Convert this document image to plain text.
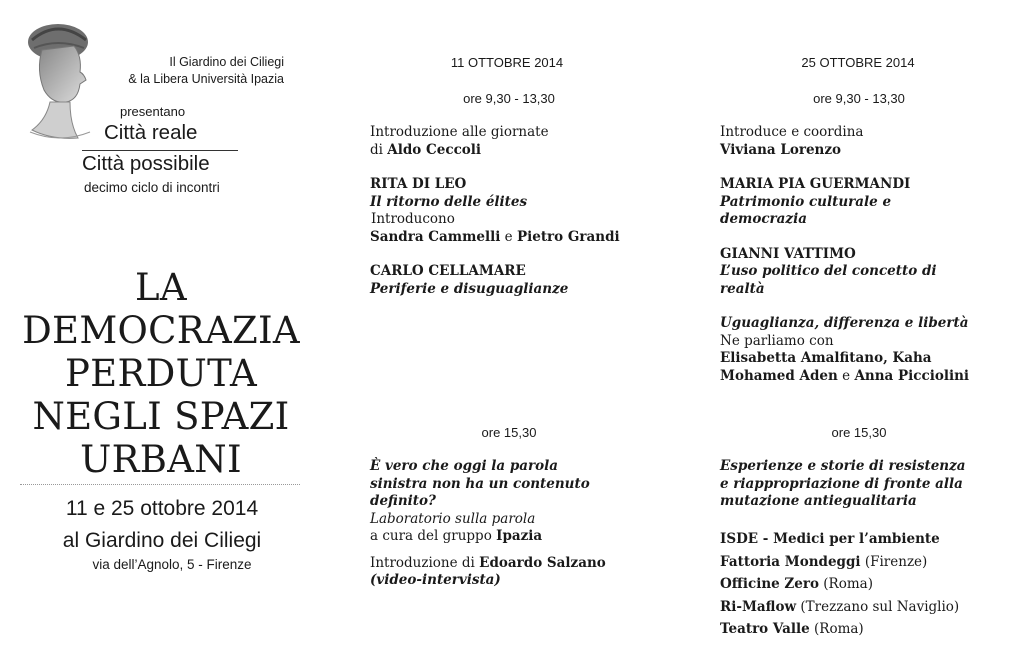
Il Giardino dei Ciliegi
& la Libera Università Ipazia
presentano
Città reale
Città possibile
decimo ciclo di incontri
LA
DEMOCRAZIA
PERDUTA
NEGLI SPAZI
URBANI
11 e 25 ottobre 2014
al Giardino dei Ciliegi
via dell’Agnolo, 5 - Firenze
11 OTTOBRE 2014
ore 9,30 - 13,30
Introduzione alle giornate
di Aldo Ceccoli
RITA DI LEO
Il ritorno delle élites
Introducono
Sandra Cammelli e Pietro Grandi
CARLO CELLAMARE
Periferie e disuguaglianze
ore 15,30
È vero che oggi la parola
sinistra non ha un contenuto
definito?
Laboratorio sulla parola
a cura del gruppo Ipazia
Introduzione di Edoardo Salzano
(video-intervista)
25 OTTOBRE 2014
ore 9,30 - 13,30
Introduce e coordina
Viviana Lorenzo
MARIA PIA GUERMANDI
Patrimonio culturale e
democrazia
GIANNI VATTIMO
L’uso politico del concetto di
realtà
Uguaglianza, differenza e libertà
Ne parliamo con
Elisabetta Amalfitano, Kaha
Mohamed Aden e Anna Picciolini
ore 15,30
Esperienze e storie di resistenza
e riappropriazione di fronte alla
mutazione antiegualitaria
ISDE - Medici per l’ambiente
Fattoria Mondeggi (Firenze)
Officine Zero (Roma)
Ri-Maflow (Trezzano sul Naviglio)
Teatro Valle (Roma)
